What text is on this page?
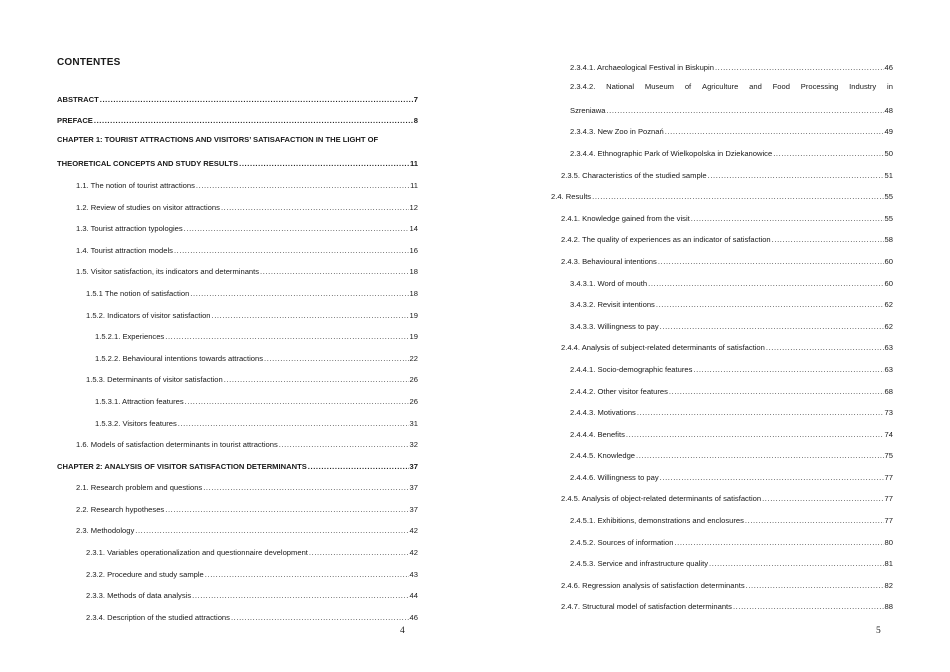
CONTENTES
ABSTRACT .....	7
PREFACE .....	8
CHAPTER 1: TOURIST ATTRACTIONS AND VISITORS’ SATISAFACTION IN THE LIGHT OF
THEORETICAL CONCEPTS AND STUDY RESULTS .....	11
1.1. The notion of tourist attractions .....	11
1.2. Review of studies on visitor attractions .....	12
1.3. Tourist attraction typologies .....	14
1.4. Tourist attraction models .....	16
1.5. Visitor satisfaction, its indicators and determinants .....	18
1.5.1 The notion of satisfaction .....	18
1.5.2. Indicators of visitor satisfaction .....	19
1.5.2.1. Experiences .....	19
1.5.2.2. Behavioural intentions towards attractions .....	22
1.5.3. Determinants of visitor satisfaction .....	26
1.5.3.1. Attraction features .....	26
1.5.3.2. Visitors features .....	31
1.6. Models of satisfaction determinants in tourist attractions .....	32
CHAPTER 2: ANALYSIS OF VISITOR SATISFACTION DETERMINANTS .....	37
2.1. Research problem and questions .....	37
2.2. Research hypotheses .....	37
2.3. Methodology .....	42
2.3.1. Variables operationalization and questionnaire development .....	42
2.3.2. Procedure and study sample .....	43
2.3.3. Methods of data analysis .....	44
2.3.4. Description of the studied attractions .....	46
4
2.3.4.1. Archaeological Festival in Biskupin .....	46
2.3.4.2. National Museum of Agriculture and Food Processing Industry in
Szreniawa .....	48
2.3.4.3. New Zoo in Poznań .....	49
2.3.4.4. Ethnographic Park of Wielkopolska in Dziekanowice .....	50
2.3.5. Characteristics of the studied sample .....	51
2.4. Results .....	55
2.4.1. Knowledge gained from the visit .....	55
2.4.2. The quality of experiences as an indicator of satisfaction .....	58
2.4.3. Behavioural intentions .....	60
3.4.3.1. Word of mouth .....	60
3.4.3.2. Revisit intentions .....	62
3.4.3.3. Willingness to pay .....	62
2.4.4. Analysis of subject-related determinants of satisfaction .....	63
2.4.4.1. Socio-demographic features .....	63
2.4.4.2. Other visitor features .....	68
2.4.4.3. Motivations .....	73
2.4.4.4. Benefits .....	74
2.4.4.5. Knowledge .....	75
2.4.4.6. Willingness to pay .....	77
2.4.5. Analysis of object-related determinants of satisfaction .....	77
2.4.5.1. Exhibitions, demonstrations and enclosures .....	77
2.4.5.2. Sources of information .....	80
2.4.5.3. Service and infrastructure quality .....	81
2.4.6. Regression analysis of satisfaction determinants .....	82
2.4.7. Structural model of satisfaction determinants .....	88
5
